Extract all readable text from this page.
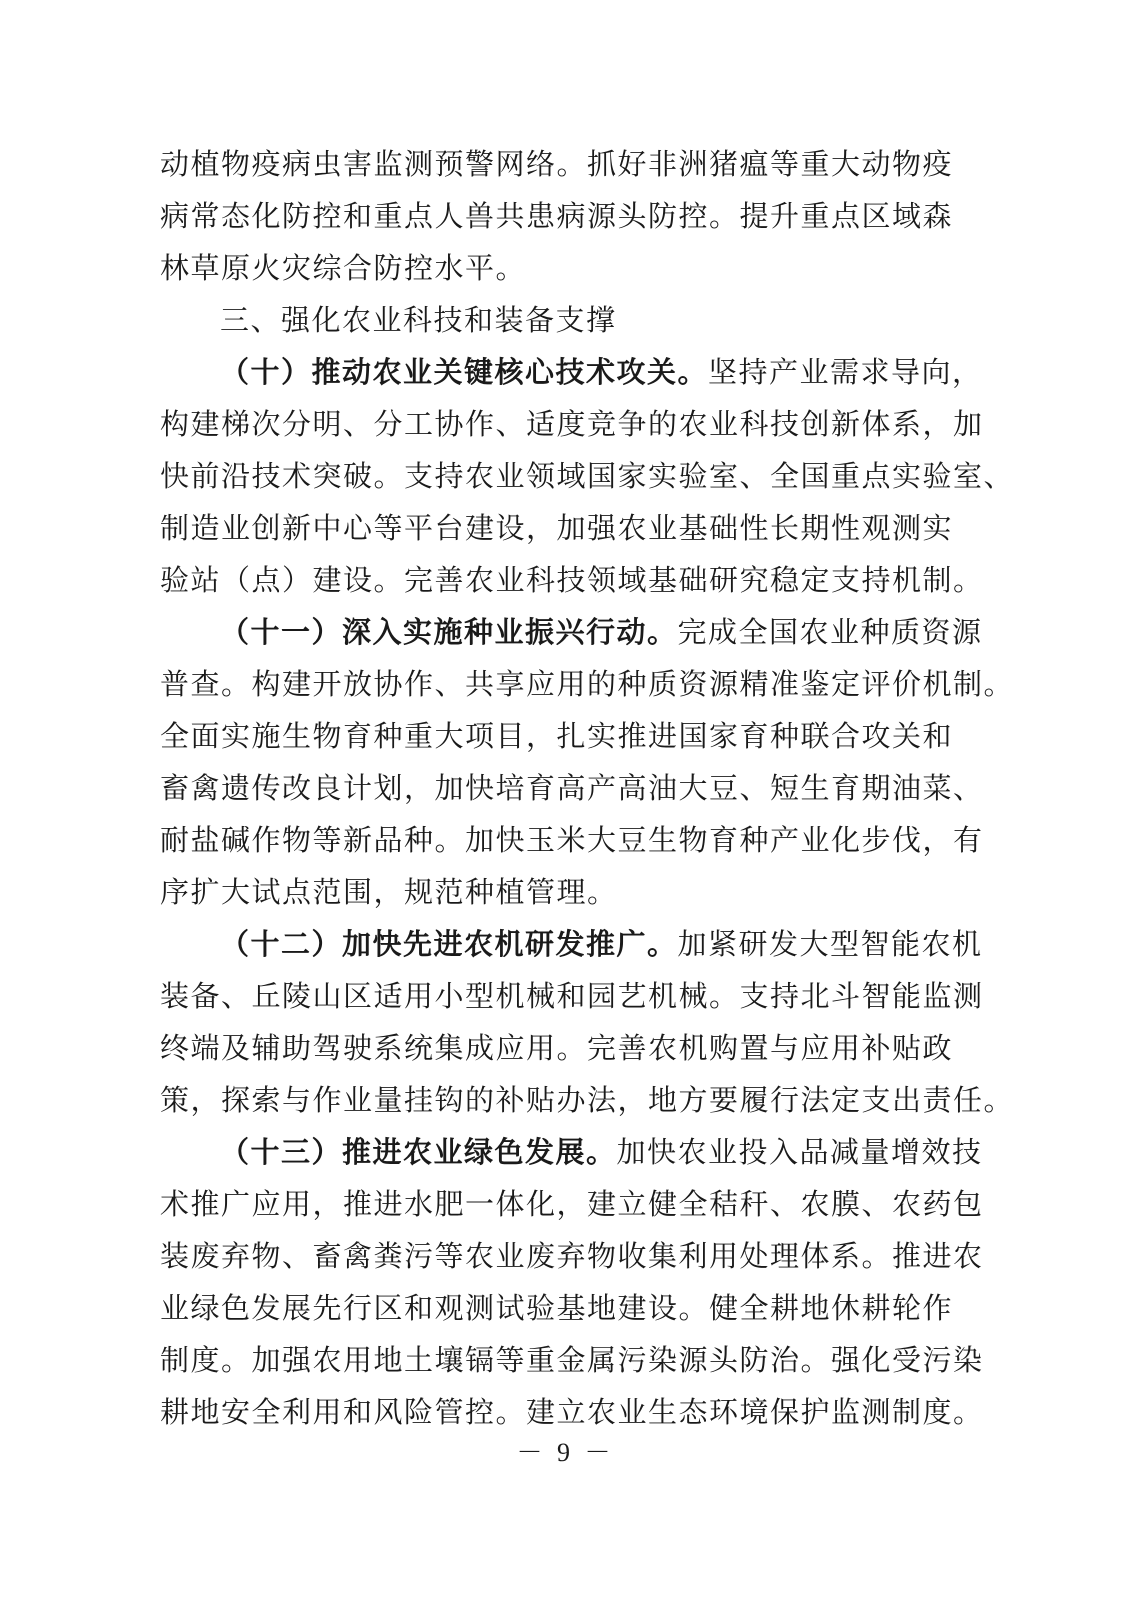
动植物疫病虫害监测预警网络。抓好非洲猪瘟等重大动物疫
病常态化防控和重点人兽共患病源头防控。提升重点区域森
林草原火灾综合防控水平。
三、强化农业科技和装备支撑
（十）推动农业关键核心技术攻关。坚持产业需求导向，
构建梯次分明、分工协作、适度竞争的农业科技创新体系，加
快前沿技术突破。支持农业领域国家实验室、全国重点实验室、
制造业创新中心等平台建设，加强农业基础性长期性观测实
验站（点）建设。完善农业科技领域基础研究稳定支持机制。
（十一）深入实施种业振兴行动。完成全国农业种质资源
普查。构建开放协作、共享应用的种质资源精准鉴定评价机制。
全面实施生物育种重大项目，扎实推进国家育种联合攻关和
畜禽遗传改良计划，加快培育高产高油大豆、短生育期油菜、
耐盐碱作物等新品种。加快玉米大豆生物育种产业化步伐，有
序扩大试点范围，规范种植管理。
（十二）加快先进农机研发推广。加紧研发大型智能农机
装备、丘陵山区适用小型机械和园艺机械。支持北斗智能监测
终端及辅助驾驶系统集成应用。完善农机购置与应用补贴政
策，探索与作业量挂钩的补贴办法，地方要履行法定支出责任。
（十三）推进农业绿色发展。加快农业投入品减量增效技
术推广应用，推进水肥一体化，建立健全秸秆、农膜、农药包
装废弃物、畜禽粪污等农业废弃物收集利用处理体系。推进农
业绿色发展先行区和观测试验基地建设。健全耕地休耕轮作
制度。加强农用地土壤镉等重金属污染源头防治。强化受污染
耕地安全利用和风险管控。建立农业生态环境保护监测制度。
－ 9 －
